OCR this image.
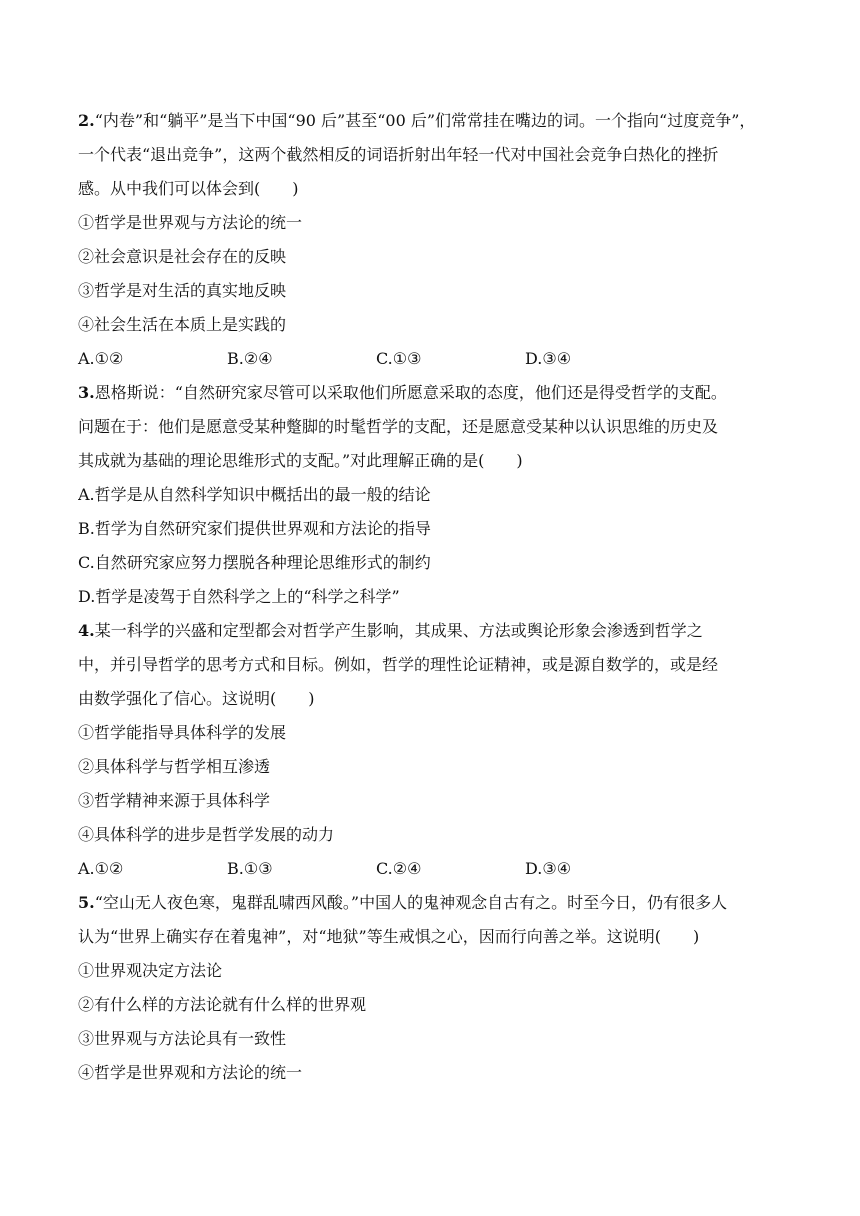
2.“内卷”和“躺平”是当下中国“90 后”甚至“00 后”们常常挂在嘴边的词。一个指向“过度竞争”，
一个代表“退出竞争”，这两个截然相反的词语折射出年轻一代对中国社会竞争白热化的挫折
感。从中我们可以体会到(　　)
①哲学是世界观与方法论的统一
②社会意识是社会存在的反映
③哲学是对生活的真实地反映
④社会生活在本质上是实践的
A.①②	B.②④	C.①③	D.③④
3.恩格斯说：“自然研究家尽管可以采取他们所愿意采取的态度，他们还是得受哲学的支配。
问题在于：他们是愿意受某种蹩脚的时髦哲学的支配，还是愿意受某种以认识思维的历史及
其成就为基础的理论思维形式的支配。”对此理解正确的是(　　)
A.哲学是从自然科学知识中概括出的最一般的结论
B.哲学为自然研究家们提供世界观和方法论的指导
C.自然研究家应努力摆脱各种理论思维形式的制约
D.哲学是凌驾于自然科学之上的“科学之科学”
4.某一科学的兴盛和定型都会对哲学产生影响，其成果、方法或舆论形象会渗透到哲学之
中，并引导哲学的思考方式和目标。例如，哲学的理性论证精神，或是源自数学的，或是经
由数学强化了信心。这说明(　　)
①哲学能指导具体科学的发展
②具体科学与哲学相互渗透
③哲学精神来源于具体科学
④具体科学的进步是哲学发展的动力
A.①②	B.①③	C.②④	D.③④
5.“空山无人夜色寒，鬼群乱啸西风酸。”中国人的鬼神观念自古有之。时至今日，仍有很多人
认为“世界上确实存在着鬼神”，对“地狱”等生戒惧之心，因而行向善之举。这说明(　　)
①世界观决定方法论
②有什么样的方法论就有什么样的世界观
③世界观与方法论具有一致性
④哲学是世界观和方法论的统一
